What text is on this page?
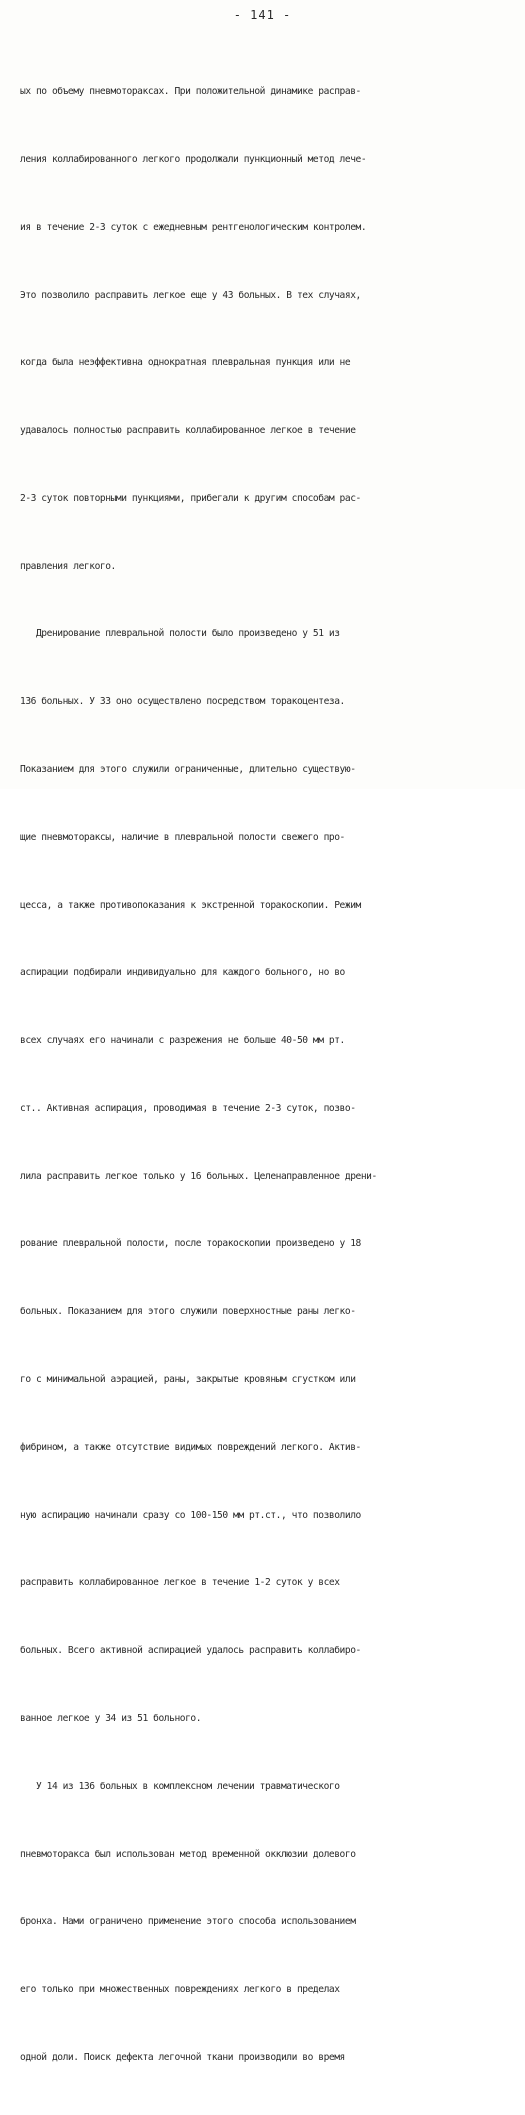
- 141 -

ых по объему пневмотораксах. При положительной динамике расправ-

ления коллабированного легкого продолжали пункционный метод лече-

ия в течение 2-3 суток с ежедневным рентгенологическим контролем.

Это позволило расправить легкое еще у 43 больных. В тех случаях,

когда была неэффективна однократная плевральная пункция или не

удавалось полностью расправить коллабированное легкое в течение

2-3 суток повторными пункциями, прибегали к другим способам рас-

правления легкого.

Дренирование плевральной полости было произведено у 51 из

136 больных. У 33 оно осуществлено посредством торакоцентеза.

Показанием для этого служили ограниченные, длительно существую-

щие пневмотораксы, наличие в плевральной полости свежего про-

цесса, а также противопоказания к экстренной торакоскопии. Режим

аспирации подбирали индивидуально для каждого больного, но во

всех случаях его начинали с разрежения не больше 40-50 мм рт.

ст.. Активная аспирация, проводимая в течение 2-3 суток, позво-

лила расправить легкое только у 16 больных. Целенаправленное дрени-

рование плевральной полости, после торакоскопии произведено у 18

больных. Показанием для этого служили поверхностные раны легко-

го с минимальной аэрацией, раны, закрытые кровяным сгустком или

фибрином, а также отсутствие видимых повреждений легкого. Актив-

ную аспирацию начинали сразу со 100-150 мм рт.ст., что позволило

расправить коллабированное легкое в течение 1-2 суток у всех

больных. Всего активной аспирацией удалось расправить коллабиро-

ванное легкое у 34 из 51 больного.

У 14 из 136 больных в комплексном лечении травматического

пневмоторакса был использован метод временной окклюзии долевого

бронха. Нами ограничено применение этого способа использованием

его только при множественных повреждениях легкого в пределах

одной доли. Поиск дефекта легочной ткани производили во время
